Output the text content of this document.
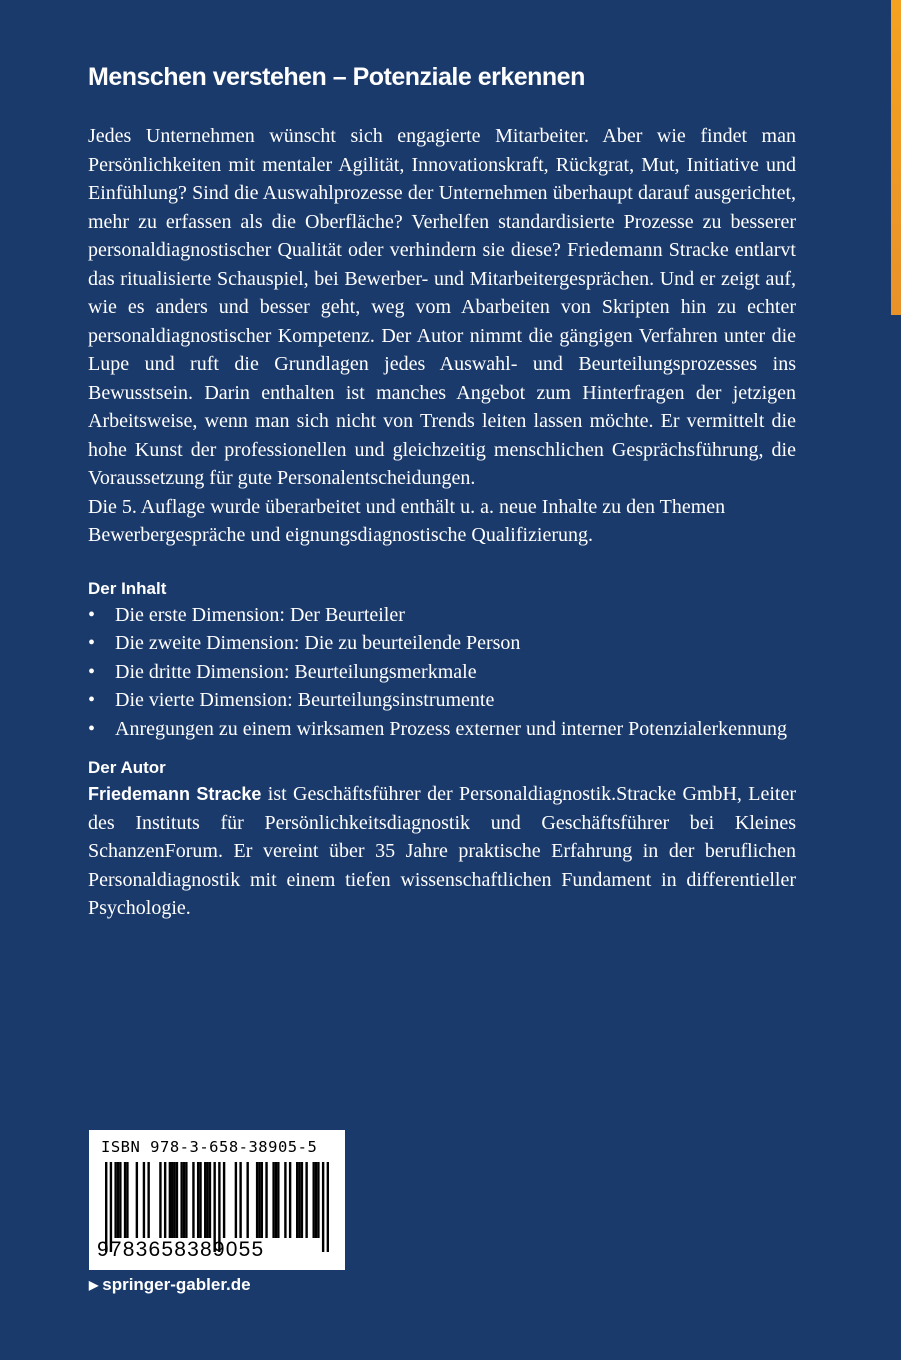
Menschen verstehen – Potenziale erkennen

Jedes Unternehmen wünscht sich engagierte Mitarbeiter. Aber wie findet man Persönlichkeiten mit mentaler Agilität, Innovationskraft, Rückgrat, Mut, Initiative und Einfühlung? Sind die Auswahlprozesse der Unternehmen überhaupt darauf ausgerichtet, mehr zu erfassen als die Oberfläche? Verhelfen standardisierte Prozesse zu besserer personaldiagnostischer Qualität oder verhindern sie diese? Friedemann Stracke entlarvt das ritualisierte Schauspiel, bei Bewerber- und Mitarbeitergesprächen. Und er zeigt auf, wie es anders und besser geht, weg vom Abarbeiten von Skripten hin zu echter personaldiagnostischer Kompetenz. Der Autor nimmt die gängigen Verfahren unter die Lupe und ruft die Grundlagen jedes Auswahl- und Beurteilungsprozesses ins Bewusstsein. Darin enthalten ist manches Angebot zum Hinterfragen der jetzigen Arbeitsweise, wenn man sich nicht von Trends leiten lassen möchte. Er vermittelt die hohe Kunst der professionellen und gleichzeitig menschlichen Gesprächsführung, die Voraussetzung für gute Personalentscheidungen.

Die 5. Auflage wurde überarbeitet und enthält u. a. neue Inhalte zu den Themen Bewerbergespräche und eignungsdiagnostische Qualifizierung.

Der Inhalt
• Die erste Dimension: Der Beurteiler
• Die zweite Dimension: Die zu beurteilende Person
• Die dritte Dimension: Beurteilungsmerkmale
• Die vierte Dimension: Beurteilungsinstrumente
• Anregungen zu einem wirksamen Prozess externer und interner Potenzialerkennung
Der Autor

Friedemann Stracke ist Geschäftsführer der Personaldiagnostik.Stracke GmbH, Leiter des Instituts für Persönlichkeitsdiagnostik und Geschäftsführer bei Kleines SchanzenForum. Er vereint über 35 Jahre praktische Erfahrung in der beruflichen Personaldiagnostik mit einem tiefen wissenschaftlichen Fundament in differentieller Psychologie.

ISBN 978-3-658-38905-5
9783658389055
▶ springer-gabler.de
